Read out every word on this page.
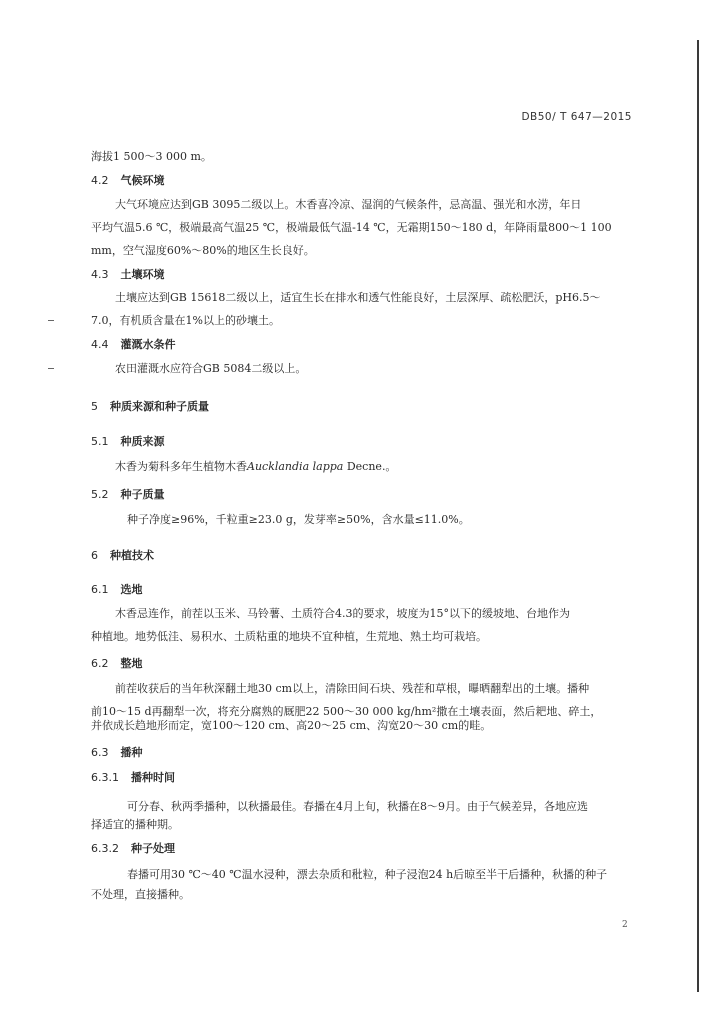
DB50/ T 647—2015
海拔1 500～3 000 m。
4.2 气候环境
大气环境应达到GB 3095二级以上。木香喜冷凉、湿润的气候条件，忌高温、强光和水涝，年日
平均气温5.6 ℃，极端最高气温25 ℃，极端最低气温-14 ℃，无霜期150～180 d，年降雨量800～1 100
mm，空气湿度60%～80%的地区生长良好。
4.3 土壤环境
土壤应达到GB 15618二级以上，适宜生长在排水和透气性能良好，土层深厚、疏松肥沃，pH6.5～
7.0，有机质含量在1%以上的砂壤土。
4.4 灌溉水条件
农田灌溉水应符合GB 5084二级以上。
5 种质来源和种子质量
5.1 种质来源
木香为菊科多年生植物木香Aucklandia lappa Decne.。
5.2 种子质量
种子净度≥96%，千粒重≥23.0 g，发芽率≥50%，含水量≤11.0%。
6 种植技术
6.1 选地
木香忌连作，前茬以玉米、马铃薯、土质符合4.3的要求，坡度为15°以下的缓坡地、台地作为
种植地。地势低洼、易积水、土质粘重的地块不宜种植，生荒地、熟土均可栽培。
6.2 整地
前茬收获后的当年秋深翻土地30 cm以上，清除田间石块、残茬和草根，曝晒翻犁出的土壤。播种
前10～15 d再翻犁一次，将充分腐熟的厩肥22 500～30 000 kg/hm²撒在土壤表面，然后耙地、碎土，
并依成长趋地形而定，宽100～120 cm、高20～25 cm、沟宽20～30 cm的畦。
6.3 播种
6.3.1 播种时间
可分春、秋两季播种，以秋播最佳。春播在4月上旬，秋播在8～9月。由于气候差异，各地应选
择适宜的播种期。
6.3.2 种子处理
春播可用30 ℃～40 ℃温水浸种，漂去杂质和秕粒，种子浸泡24 h后晾至半干后播种，秋播的种子
不处理，直接播种。
2
